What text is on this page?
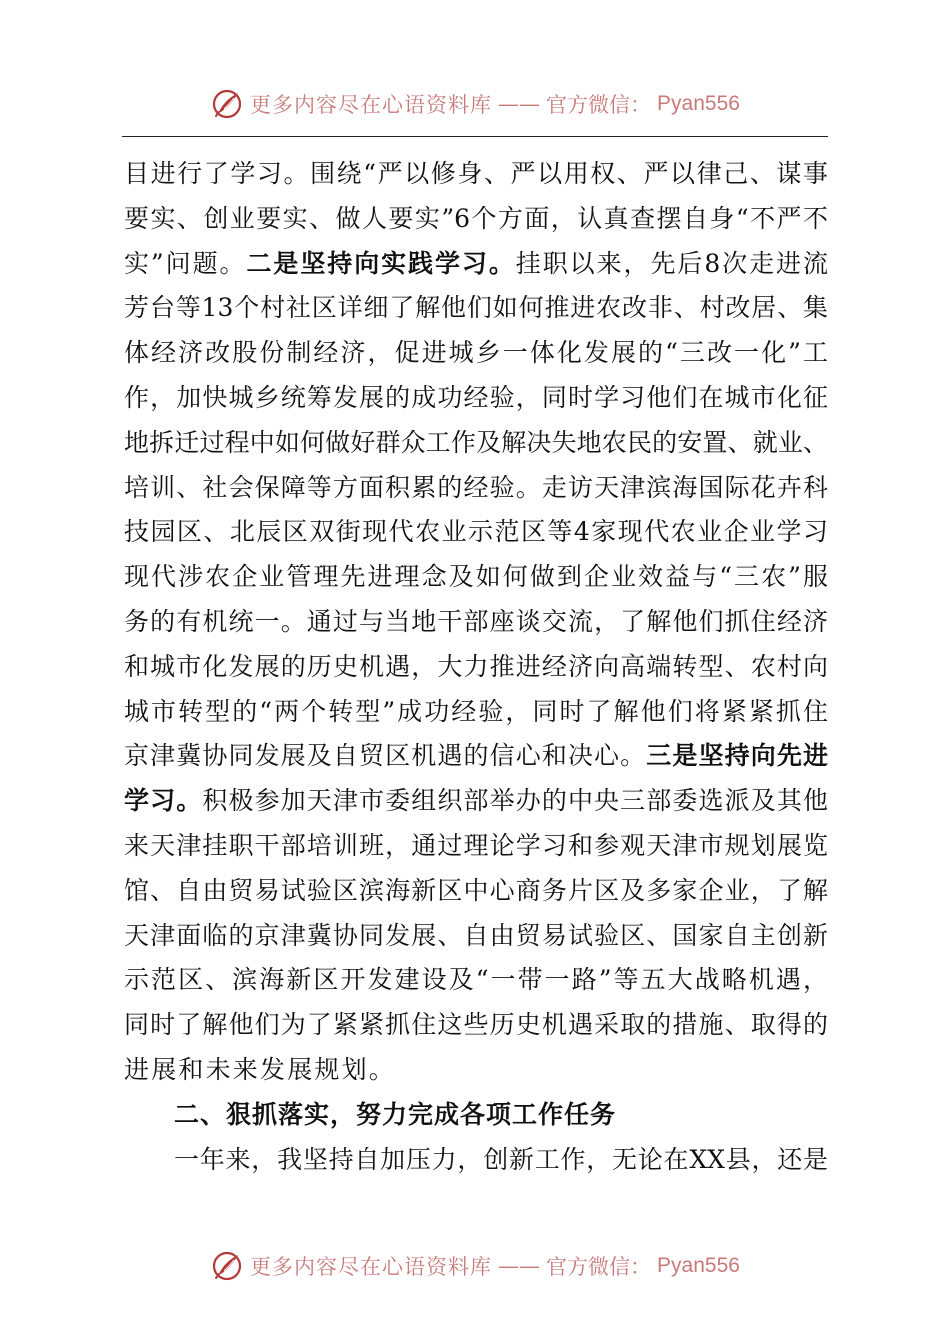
更多内容尽在心语资料库 —— 官方微信： Pyan556
目进行了学习。围绕“严以修身、严以用权、严以律己、谋事
要实、创业要实、做人要实”6个方面，认真查摆自身“不严不
实”问题。二是坚持向实践学习。挂职以来，先后8次走进流
芳台等13个村社区详细了解他们如何推进农改非、村改居、集
体经济改股份制经济，促进城乡一体化发展的“三改一化”工
作，加快城乡统筹发展的成功经验，同时学习他们在城市化征
地拆迁过程中如何做好群众工作及解决失地农民的安置、就业、
培训、社会保障等方面积累的经验。走访天津滨海国际花卉科
技园区、北辰区双街现代农业示范区等4家现代农业企业学习
现代涉农企业管理先进理念及如何做到企业效益与“三农”服
务的有机统一。通过与当地干部座谈交流，了解他们抓住经济
和城市化发展的历史机遇，大力推进经济向高端转型、农村向
城市转型的“两个转型”成功经验，同时了解他们将紧紧抓住
京津冀协同发展及自贸区机遇的信心和决心。三是坚持向先进
学习。积极参加天津市委组织部举办的中央三部委选派及其他
来天津挂职干部培训班，通过理论学习和参观天津市规划展览
馆、自由贸易试验区滨海新区中心商务片区及多家企业，了解
天津面临的京津冀协同发展、自由贸易试验区、国家自主创新
示范区、滨海新区开发建设及“一带一路”等五大战略机遇，
同时了解他们为了紧紧抓住这些历史机遇采取的措施、取得的
进展和未来发展规划。
二、狠抓落实，努力完成各项工作任务
一年来，我坚持自加压力，创新工作，无论在XX县，还是
更多内容尽在心语资料库 —— 官方微信： Pyan556
